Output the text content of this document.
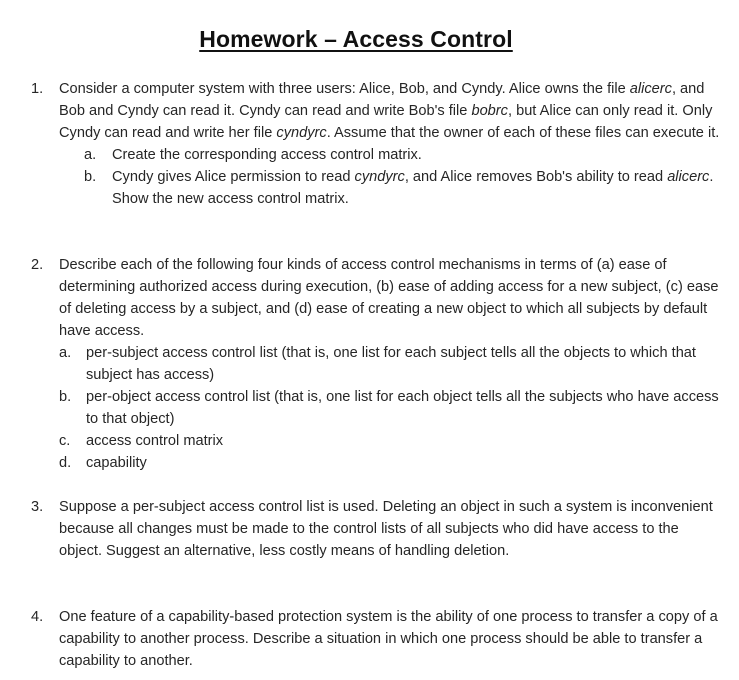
Homework – Access Control
1. Consider a computer system with three users: Alice, Bob, and Cyndy. Alice owns the file alicerc, and Bob and Cyndy can read it. Cyndy can read and write Bob's file bobrc, but Alice can only read it. Only Cyndy can read and write her file cyndyrc. Assume that the owner of each of these files can execute it.
a. Create the corresponding access control matrix.
b. Cyndy gives Alice permission to read cyndyrc, and Alice removes Bob's ability to read alicerc. Show the new access control matrix.
2. Describe each of the following four kinds of access control mechanisms in terms of (a) ease of determining authorized access during execution, (b) ease of adding access for a new subject, (c) ease of deleting access by a subject, and (d) ease of creating a new object to which all subjects by default have access.
a. per-subject access control list (that is, one list for each subject tells all the objects to which that subject has access)
b. per-object access control list (that is, one list for each object tells all the subjects who have access to that object)
c. access control matrix
d. capability
3. Suppose a per-subject access control list is used. Deleting an object in such a system is inconvenient because all changes must be made to the control lists of all subjects who did have access to the object. Suggest an alternative, less costly means of handling deletion.
4. One feature of a capability-based protection system is the ability of one process to transfer a copy of a capability to another process. Describe a situation in which one process should be able to transfer a capability to another.
